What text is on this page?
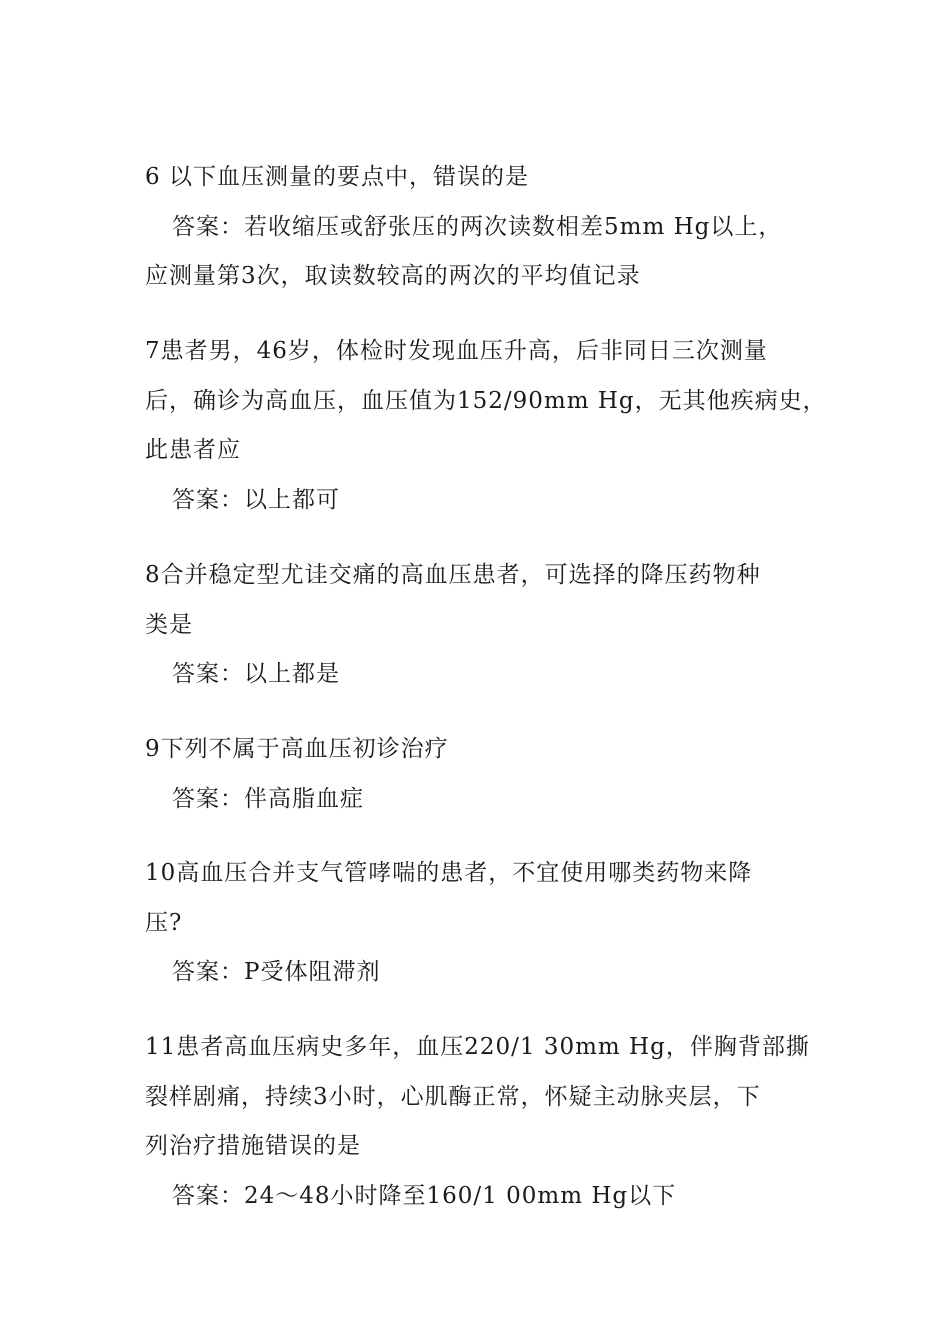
6 以下血压测量的要点中，错误的是
答案：若收缩压或舒张压的两次读数相差5mm Hg以上，
应测量第3次，取读数较高的两次的平均值记录
7患者男，46岁，体检时发现血压升高，后非同日三次测量
后，确诊为高血压，血压值为152/90mm Hg，无其他疾病史，
此患者应
答案：以上都可
8合并稳定型尤诖交痛的高血压患者，可选择的降压药物种
类是
答案：以上都是
9下列不属于高血压初诊治疗
答案：伴高脂血症
10高血压合并支气管哮喘的患者，不宜使用哪类药物来降
压?
答案：P受体阻滞剂
11患者高血压病史多年，血压220/1 30mm Hg，伴胸背部撕
裂样剧痛，持续3小时，心肌酶正常，怀疑主动脉夹层，下
列治疗措施错误的是
答案：24～48小时降至160/1 00mm Hg以下
